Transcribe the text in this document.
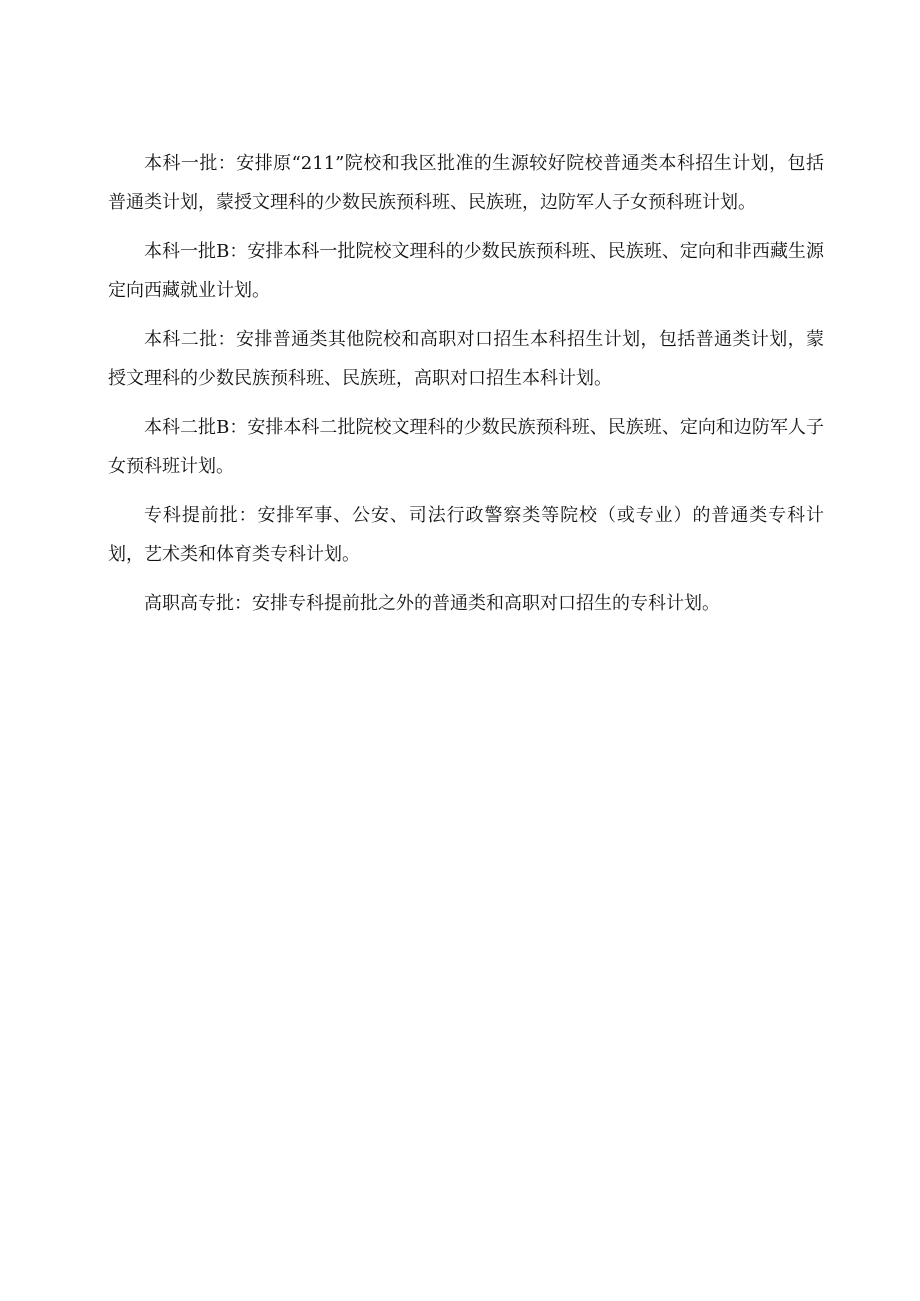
本科一批：安排原“211”院校和我区批准的生源较好院校普通类本科招生计划，包括普通类计划，蒙授文理科的少数民族预科班、民族班，边防军人子女预科班计划。

本科一批B：安排本科一批院校文理科的少数民族预科班、民族班、定向和非西藏生源定向西藏就业计划。

本科二批：安排普通类其他院校和高职对口招生本科招生计划，包括普通类计划，蒙授文理科的少数民族预科班、民族班，高职对口招生本科计划。

本科二批B：安排本科二批院校文理科的少数民族预科班、民族班、定向和边防军人子女预科班计划。

专科提前批：安排军事、公安、司法行政警察类等院校（或专业）的普通类专科计划，艺术类和体育类专科计划。

高职高专批：安排专科提前批之外的普通类和高职对口招生的专科计划。
